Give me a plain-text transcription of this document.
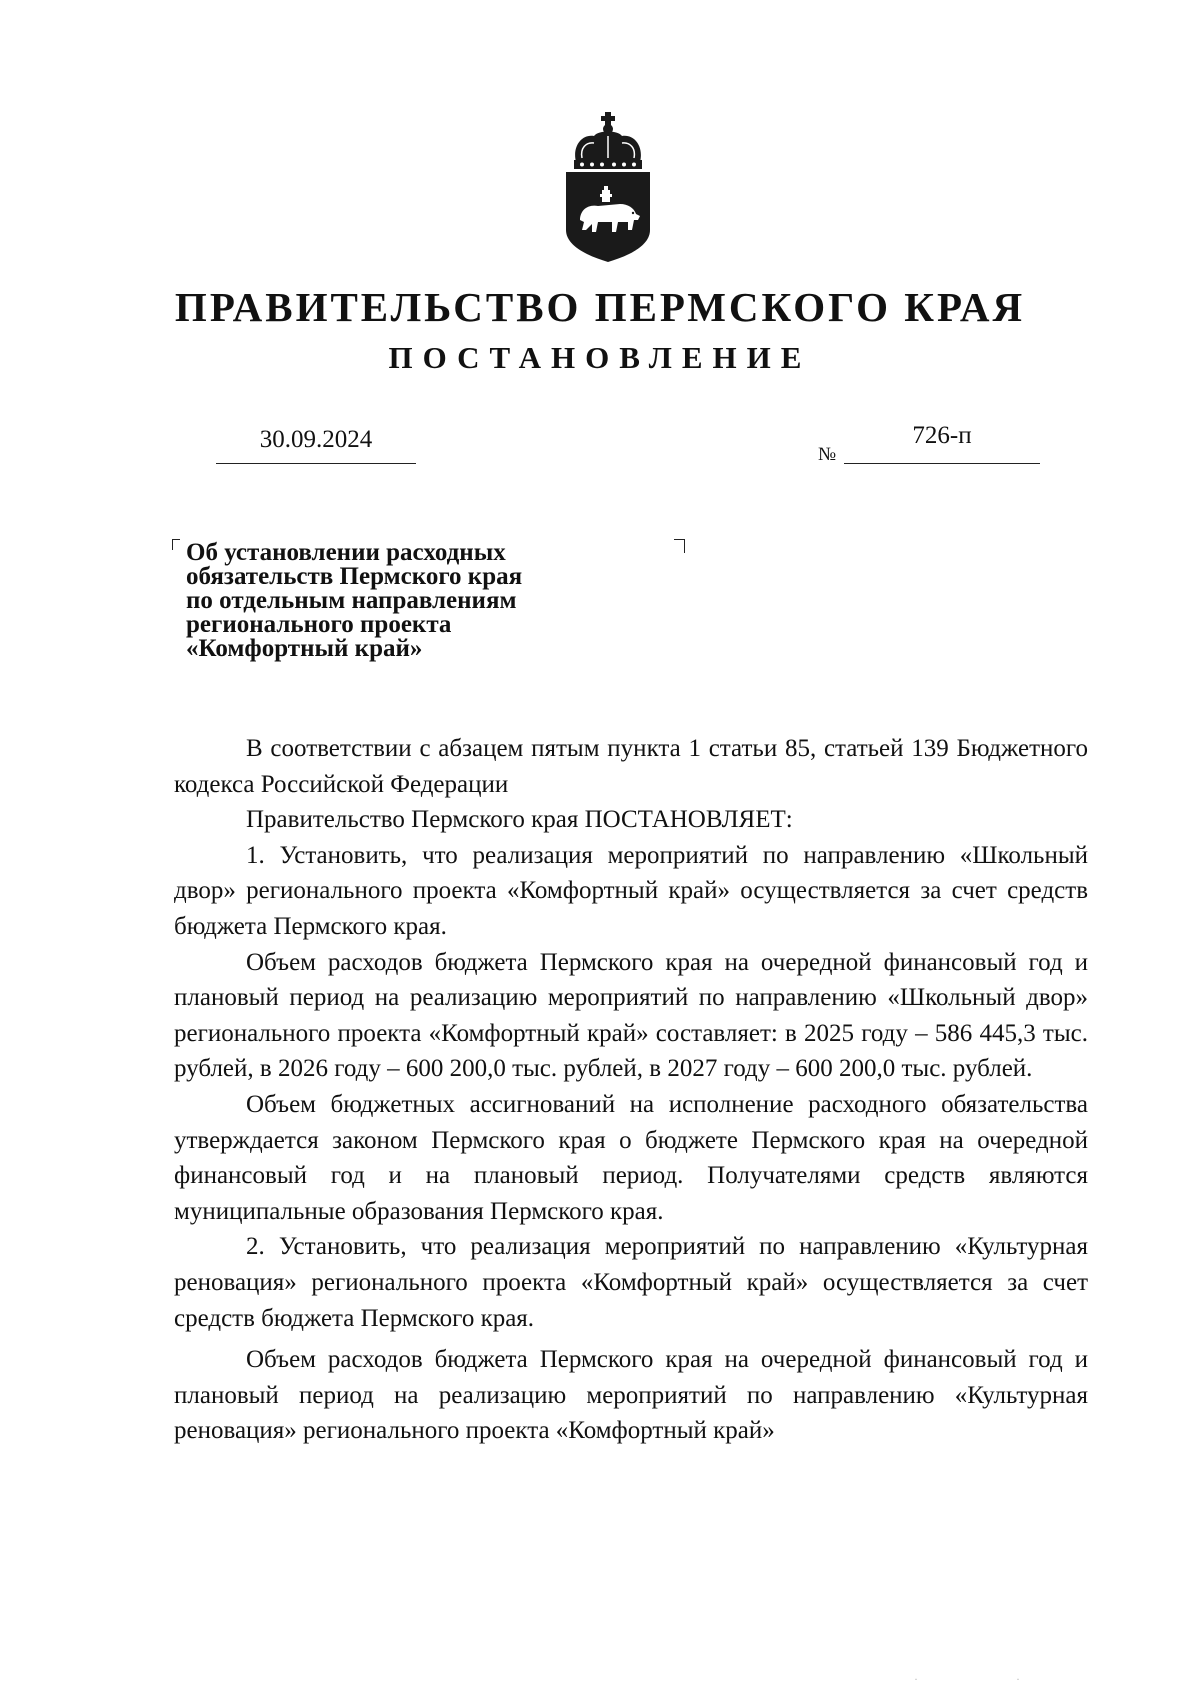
ПРАВИТЕЛЬСТВО ПЕРМСКОГО КРАЯ
ПОСТАНОВЛЕНИЕ
30.09.2024
№
726-п
Об установлении расходных
обязательств Пермского края
по отдельным направлениям
регионального проекта
«Комфортный край»

В соответствии с абзацем пятым пункта 1 статьи 85, статьей 139 Бюджетного кодекса Российской Федерации

Правительство Пермского края ПОСТАНОВЛЯЕТ:

1. Установить, что реализация мероприятий по направлению «Школьный двор» регионального проекта «Комфортный край» осуществляется за счет средств бюджета Пермского края.

Объем расходов бюджета Пермского края на очередной финансовый год и плановый период на реализацию мероприятий по направлению «Школьный двор» регионального проекта «Комфортный край» составляет: в 2025 году – 586 445,3 тыс. рублей, в 2026 году – 600 200,0 тыс. рублей, в 2027 году – 600 200,0 тыс. рублей.

Объем бюджетных ассигнований на исполнение расходного обязательства утверждается законом Пермского края о бюджете Пермского края на очередной финансовый год и на плановый период. Получателями средств являются муниципальные образования Пермского края.

2. Установить, что реализация мероприятий по направлению «Культурная реновация» регионального проекта «Комфортный край» осуществляется за счет средств бюджета Пермского края.

Объем расходов бюджета Пермского края на очередной финансовый год и плановый период на реализацию мероприятий по направлению «Культурная реновация» регионального проекта «Комфортный край»

·	·
